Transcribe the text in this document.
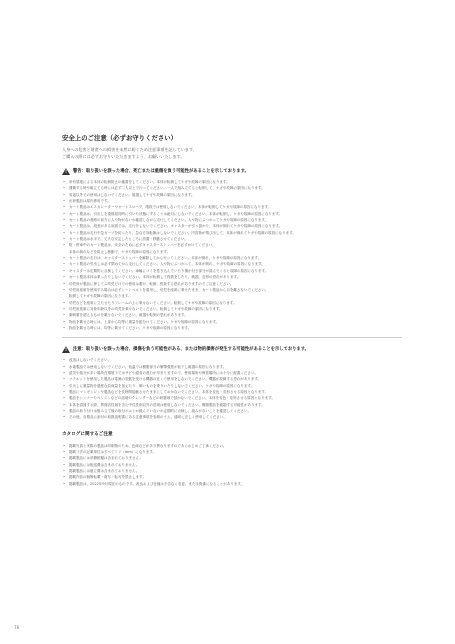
安全上のご注意（必ずお守りください）

人身への危害と財産への損害を未然に防ぐため注意事項を記しています。

ご購入の際には必ずお守りいただきますよう、お願いいたします。

!
警告：取り扱いを誤った場合、死亡または重傷を負う可能性があることを示しております。
• 所有屋根による本体の転倒防止の確書をしてください。本体が転倒してケガや故障の原因になります。
• 運搬する時や組立てる時には必ず二人以上で行ってください。一人で組み立てると転倒して、ケガや故障の原因になります。
• 用途以外での使用はしないでください。破損してケガや故障の原因になります。
• 出荷製品は屋内専用です。
• カート製品はエスカレーターやオートスロープ、階段では使用しないでください。本体が転倒してケガや故障の原因になります。
• カート製品は、引出しを複数段同時に引いた状態にすることは絶対にしないでください。本体が転倒し、ケガや故障の原因になります。
• カート製品の進路の前方に人や物がないか確認しながら走行してください。人や物にぶつかってケガや故障の原因になります。
• カート製品は、段差がある床面では、走行をしないでください。キャスターが引っ掛かり、本体が倒れてケガや故障の原因になります。
• カート製品は走行中急カーブを切ったり、急な方向転換はしないでください。内容物が飛び出して、本体が倒れてケガや故障の原因になります。
• カート製品は水平で、丈夫な安定したところに設置・移動させてください。
• 駐・停車中のカート製品は、安全のために必ずキャスターストッパーを必ずかけてください。
本体の倒れなどを防止し移動で、ケガや故障の原因になります。
• カート製品の走行は、キャスターストッパーを解除してから行ってください。本体が倒れ、ケガや故障の原因になります。
• カート製品の引出しは必ず閉めてから走行してください。人や物にぶつかって、本体が倒れ、ケガや故障の原因になります。
• キャスターは定期的に点検してください。車輪にゴミを巻き込んでいたり傷が付き部分が曲んでくると故障の原因になります。
• カート製品本体は乗ったりしないでください。本体が転倒して怪我をしたり、破損、変形の恐れがあります。
• 幼児用が製品に押してぶ幼児だけでの使用は避け、転倒、怪我する恐れがありますのでご注意ください。
• 幼児用座席を使用する場合は必ずシートベルトを着用し、幼児を座席に乗せたまま、カート製品から目を離さないでください。
転倒してケガや故障の原因になります。
• 幼児などを座席に立たせたりフレームの上に乗せないでください。転倒してケガや故障の原因になります。
• 幼児用座席に対象年齢以外の幼児を乗せないでください。転倒してケガや故障の原因になります。
• 御荷重を超えるものを載せないでください。破損や転倒の恐れがあります。
• 物品を載せる時には、上部から均等に重量を振分けてください。ケガや故障の原因になります。
• 物品を載せる時には、均等に載せてください。ケガや故障の原因になります。
!
注意：取り扱いを誤った場合、損傷を負う可能性がある、または物的損害が発生する可能性があることを示しております。
• 改造はしないでください。
• 水素製品では使用しないでください。低温では樹脂部分の衝撃強度が低下し破損の原因になります。
• 湿気や塩分が多い場所在環境下ではサビや腐食の進行が早まりますので、使用場所や保管場所には十分に配慮ください。
• マテルットを使用した製品は電流の変動を受ける機器の近くで使用をしないでください。機器が故障する恐れがあります。
• 引出しに重量物を過度な負荷量を加えたり、飾いものを乗りいたりしないでください。ケガや故障の原因になります。
• 製品にマンガンジンヤ製品などを長時間接触させたままにしておかないでください。本体を変色・変形させる原因となります。
• 製品をシンナーやベンジンなどの溶剤やクレンザーなどの研磨剤で拭かないでください。本体を変色・変形させる原因となります。
• 本体を清掃する際、界面活性剤を含む中性洗剤以外の洗剤は使用しないでください。樹脂製品を破損する可能性があります。
• 製品の取り付けは組み立て後の取付ボルトが緩んでいないか定期的に点検し、緩みがないことを確認してください。
• その他、各製品に添付の取扱説明書にある注意事項を参照のうえ、適切に正しく使用してください。
カタログに関するご注意
• 掲載写真と実際の製品は印刷物のため、色味などが多少異なりますのであらかじめご了承ください。
• 掲載寸法の記載単位はすべてミリ（mm）になります。
• 掲載製品には消費税額は含まれておりません。
• 掲載製品には配送費は含まれておりません。
• 掲載製品には組立費は含まれておりません。
• 掲載内容の無断転載・複写・転写を禁止します。
• 掲載製品は、2022年9月現在のものです。改良および仕様は予告なく変更、または廃番になることがあります。
76
